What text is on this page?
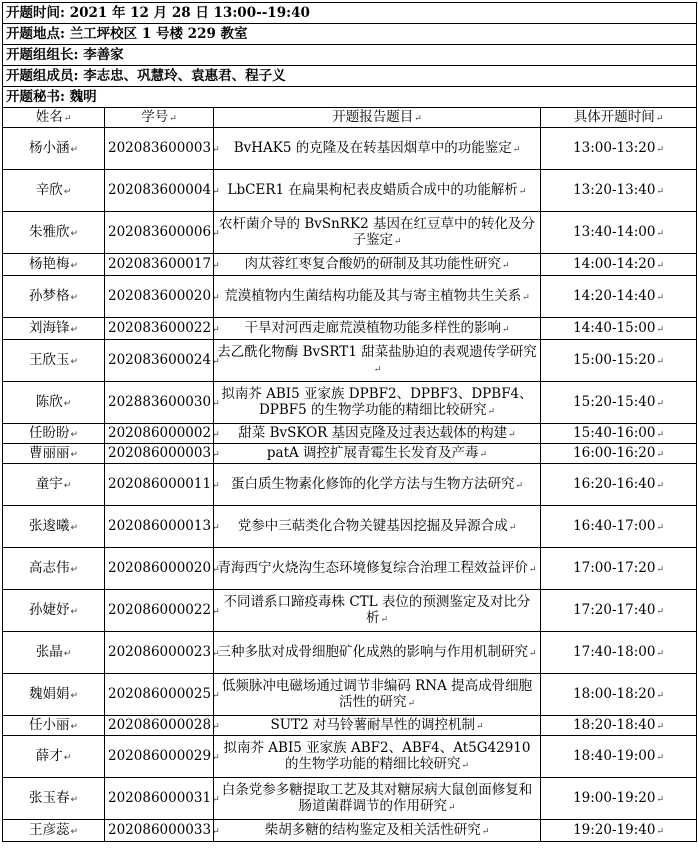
开题时间: 2021 年 12 月 28 日 13:00--19:40			
开题地点: 兰工坪校区 1 号楼 229 教室			
开题组组长: 李善家			
开题组成员: 李志忠、巩慧玲、袁惠君、程子义			
开题秘书: 魏明			
姓名↵	学号↵	开题报告题目↵	具体开题时间↵
杨小涵↵	202083600003↵	BvHAK5 的克隆及在转基因烟草中的功能鉴定↵	13:00-13:20↵
辛欣↵	202083600004↵	LbCER1 在扁果枸杞表皮蜡质合成中的功能解析↵	13:20-13:40↵
朱雅欣↵	202083600006↵	农杆菌介导的 BvSnRK2 基因在红豆草中的转化及分子鉴定↵	13:40-14:00↵
杨艳梅↵	202083600017↵	肉苁蓉红枣复合酸奶的研制及其功能性研究↵	14:00-14:20↵
孙梦格↵	202083600020↵	荒漠植物内生菌结构功能及其与寄主植物共生关系↵	14:20-14:40↵
刘海锋↵	202083600022↵	干旱对河西走廊荒漠植物功能多样性的影响↵	14:40-15:00↵
王欣玉↵	202083600024↵	去乙酰化物酶 BvSRT1 甜菜盐胁迫的表观遗传学研究↵	15:00-15:20↵
陈欣↵	202883600030↵	拟南芥 ABI5 亚家族 DPBF2、DPBF3、DPBF4、DPBF5 的生物学功能的精细比较研究↵	15:20-15:40↵
任盼盼↵	202086000002↵	甜菜 BvSKOR 基因克隆及过表达载体的构建↵	15:40-16:00↵
曹丽丽↵	202086000003↵	patA 调控扩展青霉生长发育及产毒↵	16:00-16:20↵
童宇↵	202086000011↵	蛋白质生物素化修饰的化学方法与生物方法研究↵	16:20-16:40↵
张逡曦↵	202086000013↵	党参中三萜类化合物关键基因挖掘及异源合成↵	16:40-17:00↵
高志伟↵	202086000020↵	青海西宁火烧沟生态环境修复综合治理工程效益评价↵	17:00-17:20↵
孙婕妤↵	202086000022↵	不同谱系口蹄疫毒株 CTL 表位的预测鉴定及对比分析↵	17:20-17:40↵
张晶↵	202086000023↵	三种多肽对成骨细胞矿化成熟的影响与作用机制研究↵	17:40-18:00↵
魏娟娟↵	202086000025↵	低频脉冲电磁场通过调节非编码 RNA 提高成骨细胞活性的研究↵	18:00-18:20↵
任小丽↵	202086000028↵	SUT2 对马铃薯耐旱性的调控机制↵	18:20-18:40↵
薛才↵	202086000029↵	拟南芥 ABI5 亚家族 ABF2、ABF4、At5G42910 的生物学功能的精细比较研究↵	18:40-19:00↵
张玉春↵	202086000031↵	白条党参多糖提取工艺及其对糖尿病大鼠创面修复和肠道菌群调节的作用研究↵	19:00-19:20↵
王彦蕊↵	202086000033↵	柴胡多糖的结构鉴定及相关活性研究↵	19:20-19:40↵
